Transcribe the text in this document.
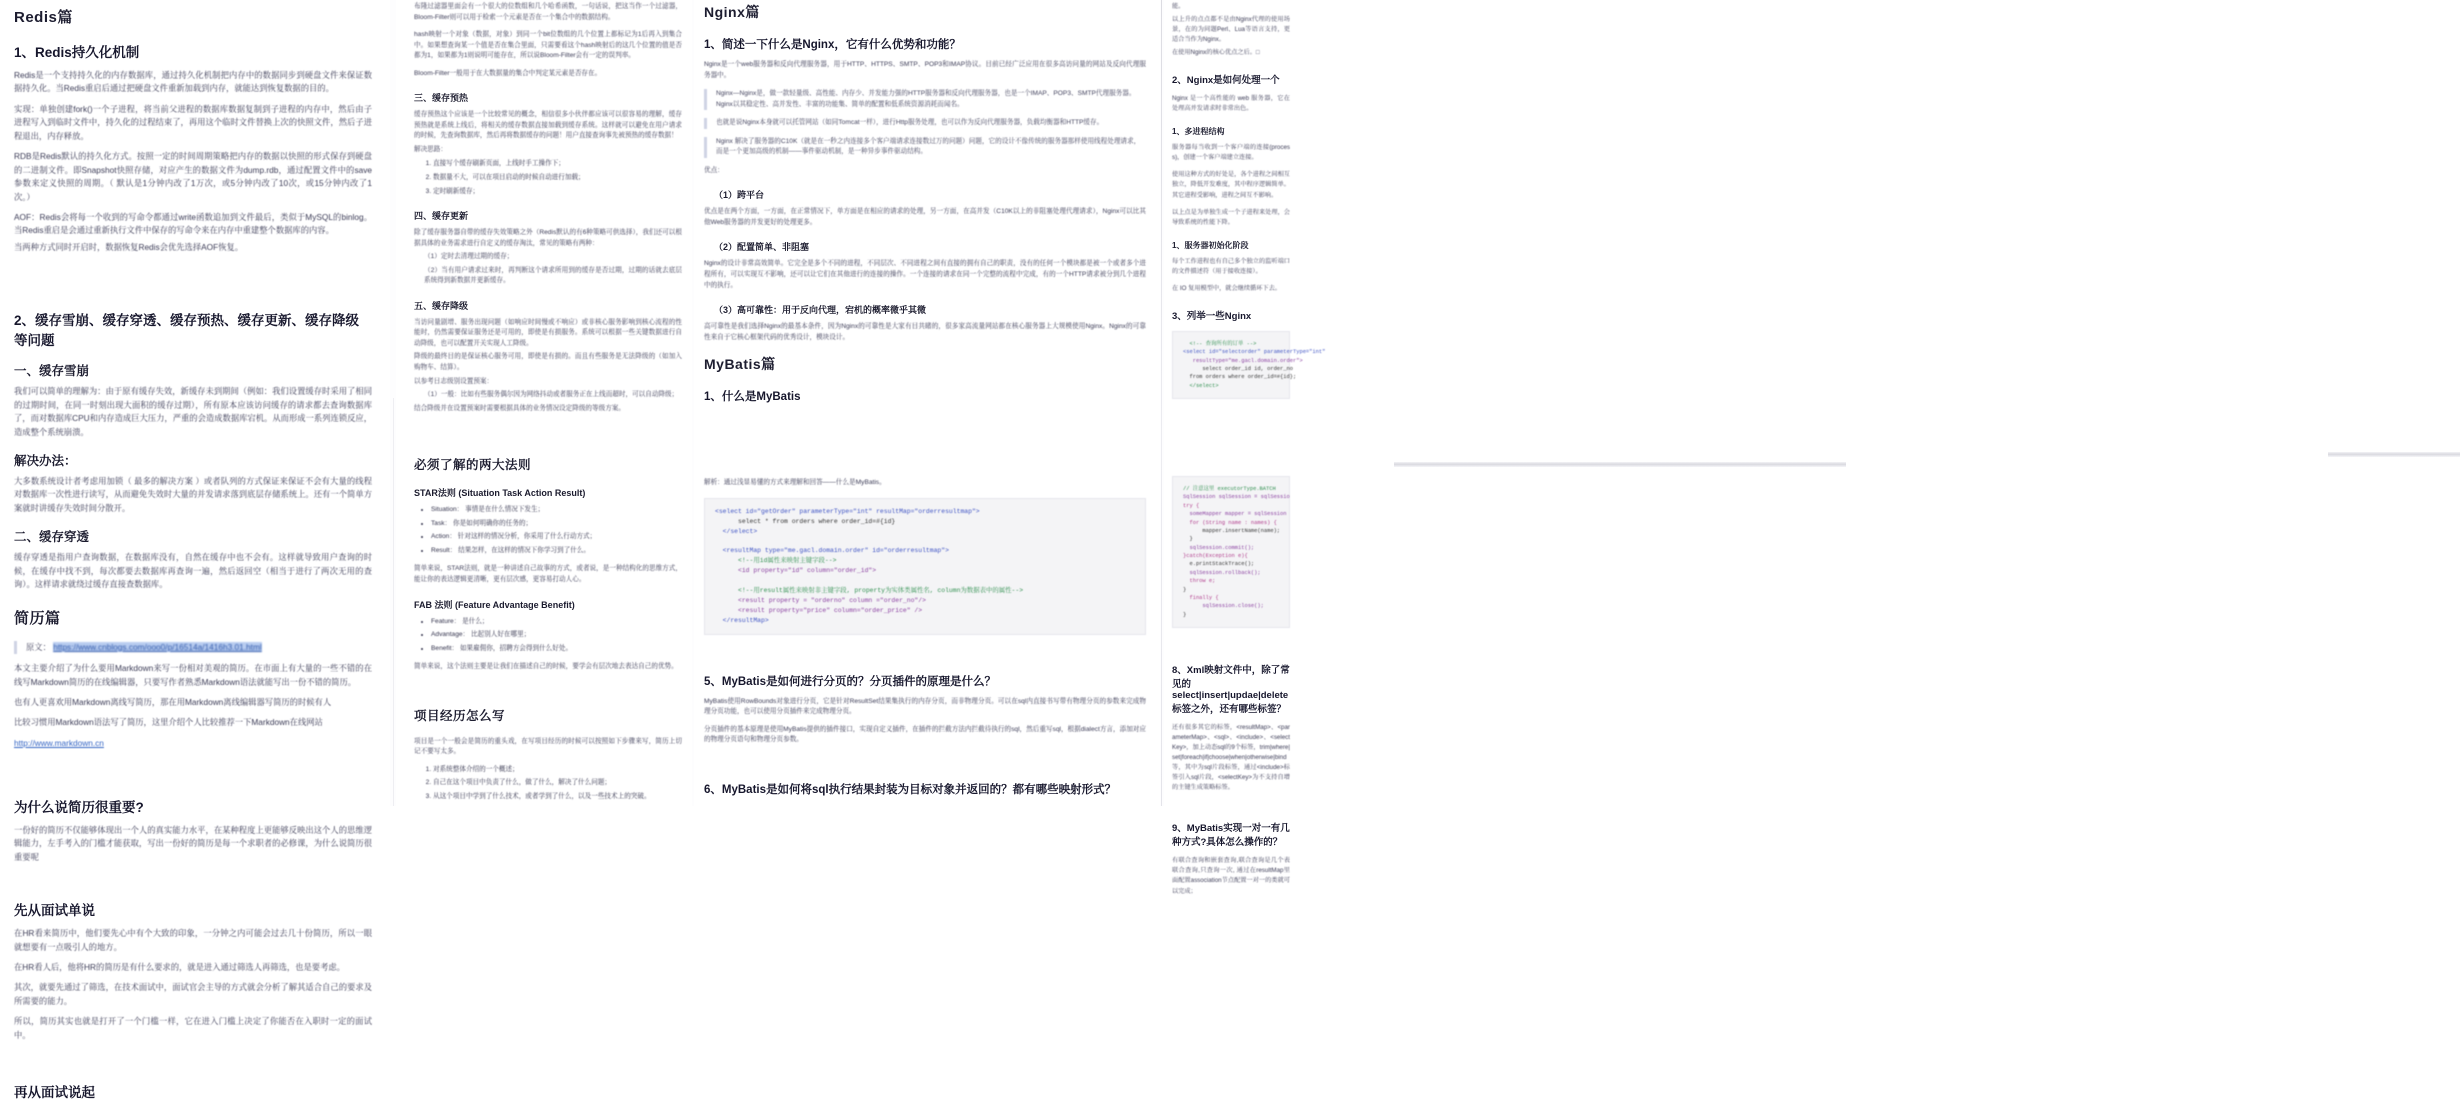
Redis篇
1、Redis持久化机制
Redis是一个支持持久化的内存数据库，通过持久化机制把内存中的数据同步到硬盘文件来保证数据持久化。当Redis重启后通过把硬盘文件重新加载到内存，就能达到恢复数据的目的。
实现：单独创建fork()一个子进程，将当前父进程的数据库数据复制到子进程的内存中，然后由子进程写入到临时文件中，持久化的过程结束了，再用这个临时文件替换上次的快照文件，然后子进程退出，内存释放。
RDB是Redis默认的持久化方式。按照一定的时间周期策略把内存的数据以快照的形式保存到硬盘的二进制文件。即Snapshot快照存储，对应产生的数据文件为dump.rdb，通过配置文件中的save参数来定义快照的周期。（ 默认是1分钟内改了1万次，或5分钟内改了10次，或15分钟内改了1次。）
AOF：Redis会将每一个收到的写命令都通过write函数追加到文件最后，类似于MySQL的binlog。当Redis重启是会通过重新执行文件中保存的写命令来在内存中重建整个数据库的内容。
当两种方式同时开启时，数据恢复Redis会优先选择AOF恢复。
2、缓存雪崩、缓存穿透、缓存预热、缓存更新、缓存降级等问题
一、缓存雪崩
我们可以简单的理解为：由于原有缓存失效，新缓存未到期间（例如：我们设置缓存时采用了相同的过期时间，在同一时刻出现大面积的缓存过期），所有原本应该访问缓存的请求都去查询数据库了，而对数据库CPU和内存造成巨大压力，严重的会造成数据库宕机。从而形成一系列连锁反应，造成整个系统崩溃。
解决办法：
大多数系统设计者考虑用加锁（ 最多的解决方案 ）或者队列的方式保证来保证不会有大量的线程对数据库一次性进行读写，从而避免失效时大量的并发请求落到底层存储系统上。还有一个简单方案就时讲缓存失效时间分散开。
二、缓存穿透
缓存穿透是指用户查询数据，在数据库没有，自然在缓存中也不会有。这样就导致用户查询的时候，在缓存中找不到，每次都要去数据库再查询一遍，然后返回空（相当于进行了两次无用的查询）。这样请求就绕过缓存直接查数据库。
简历篇
原文： https://www.cnblogs.com/ooo0/p/16514a/1416h3.01.html
本文主要介绍了为什么要用Markdown来写一份相对美观的简历。在市面上有大量的一些不错的在线写Markdown简历的在线编辑器，只要写作者熟悉Markdown语法就能写出一份不错的简历。
也有人更喜欢用Markdown离线写简历，那在用Markdown离线编辑器写简历的时候有人
比较习惯用Markdown语法写了简历，这里介绍个人比较推荐一下Markdown在线网站
http://www.markdown.cn
为什么说简历很重要?
一份好的简历不仅能够体现出一个人的真实能力水平，在某种程度上更能够反映出这个人的思维逻辑能力，左手考入的门槛才能获取，写出一份好的简历是每一个求职者的必修课，为什么说简历很重要呢
先从面试单说
在HR看来简历中，他们要先心中有个大致的印象，一分钟之内可能会过去几十份简历，所以一眼就想要有一点吸引人的地方。
在HR看人后，他将HR的简历是有什么要求的，就是进入通过筛选人再筛选，也是要考虑。
其次，就要先通过了筛选，在技术面试中，面试官会主导的方式就会分析了解其适合自己的要求及所需要的能力。
所以，简历其实也就是打开了一个门槛一样，它在进入门槛上决定了你能否在入职时一定的面试中。
再从面试说起
布隆过滤器里面会有一个很大的位数组和几个哈希函数，一句话说，把这当作一个过滤器，Bloom-Filter则可以用于检索一个元素是否在一个集合中的数据结构。
hash映射一个对象（数据，对象）到同一个bit位数组的几个位置上都标记为1后再入到集合中。如果想查询某一个值是否在集合里面，只需要看这个hash映射后的这几个位置的值是否都为1，如果都为1则说明可能存在，所以说Bloom-Filter会有一定的误判率。
Bloom-Filter一般用于在大数据量的集合中判定某元素是否存在。
三、缓存预热
缓存预热这个应该是一个比较常见的概念，相信很多小伙伴都应该可以很容易的理解，缓存预热就是系统上线后，将相关的缓存数据直接加载到缓存系统。这样就可以避免在用户请求的时候，先查询数据库，然后再将数据缓存的问题！用户直接查询事先被预热的缓存数据！
解决思路：
1. 直接写个缓存刷新页面，上线时手工操作下；
2. 数据量不大，可以在项目启动的时候自动进行加载；
3. 定时刷新缓存；
四、缓存更新
除了缓存服务器自带的缓存失效策略之外（Redis默认的有6种策略可供选择），我们还可以根据具体的业务需求进行自定义的缓存淘汰，常见的策略有两种：
（1）定时去清理过期的缓存；
（2）当有用户请求过来时，再判断这个请求所用到的缓存是否过期，过期的话就去底层系统得到新数据并更新缓存。
五、缓存降级
当访问量剧增、服务出现问题（如响应时间慢或不响应）或非核心服务影响到核心流程的性能时，仍然需要保证服务还是可用的，即使是有损服务。系统可以根据一些关键数据进行自动降级，也可以配置开关实现人工降级。
降级的最终目的是保证核心服务可用，即使是有损的。而且有些服务是无法降级的（如加入购物车、结算）。
以参考日志级别设置预案：
（1）一般：比如有些服务偶尔因为网络抖动或者服务正在上线而超时，可以自动降级；
结合降级并在设置预案时需要根据具体的业务情况设定降级的等级方案。
必须了解的两大法则
STAR法则 (Situation Task Action Result)
• Situation： 事情是在什么情况下发生；
• Task： 你是如何明确你的任务的；
• Action： 针对这样的情况分析，你采用了什么行动方式；
• Result： 结果怎样，在这样的情况下你学习到了什么。
简单来说，STAR法则，就是一种讲述自己故事的方式，或者说，是一种结构化的思维方式，能让你的表达逻辑更清晰，更有层次感，更容易打动人心。
FAB 法则 (Feature Advantage Benefit)
• Feature： 是什么；
• Advantage： 比起别人好在哪里；
• Benefit： 如果雇佣你，招聘方会得到什么好处。
简单来说，这个法则主要是让我们在描述自己的时候，要学会有层次地去表达自己的优势。
项目经历怎么写
项目是一个一般会是简历的重头戏，在写项目经历的时候可以按照如下步骤来写，简历上切记不要写太多。
1. 对系统整体介绍的一个概述；
2. 自己在这个项目中负责了什么，做了什么，解决了什么问题；
3. 从这个项目中学到了什么技术，或者学到了什么，以及一些技术上的突破。
Nginx篇
1、简述一下什么是Nginx，它有什么优势和功能？
Nginx是一个web服务器和反向代理服务器，用于HTTP、HTTPS、SMTP、POP3和IMAP协议。目前已经广泛应用在很多高访问量的网站及反向代理服务器中。
Nginx—Nginx是，做一款轻量级、高性能、内存少、并发能力强的HTTP服务器和反向代理服务器，也是一个IMAP、POP3、SMTP代理服务器。Nginx以其稳定性、高并发性、丰富的功能集、简单的配置和低系统资源消耗而闻名。
也就是说Nginx本身就可以托管网站（如同Tomcat一样），进行Http服务处理，也可以作为反向代理服务器，负载均衡器和HTTP缓存。
Nginx 解决了服务器的C10K（就是在一秒之内连接多个客户端请求连接数过万的问题）问题，它的设计不像传统的服务器那样使用线程处理请求，而是一个更加高级的机制——事件驱动机制，是一种异步事件驱动结构。
优点：
（1）跨平台
优点是在两个方面，一方面，在正常情况下，单方面是在相应的请求的处理，另一方面，在高并发（C10K以上的非阻塞处理代理请求），Nginx可以比其他Web服务器的并发更好的处理更多。
（2）配置简单、非阻塞
Nginx的设计非常高效简单。它完全是多个不同的进程，不同层次、不同进程之间有直接的拥有自己的职责，没有的任何一个模块都是被一个或者多个进程所有，可以实现互不影响，还可以让它们在其他进行的连接的操作。一个连接的请求在同一个完整的流程中完成，有的一个HTTP请求被分到几个进程中的执行。
（3）高可靠性：用于反向代理，宕机的概率微乎其微
高可靠性是我们选择Nginx的最基本条件，因为Nginx的可靠性是大家有目共睹的，很多家高流量网站都在核心服务器上大规模使用Nginx。Nginx的可靠性来自于它核心框架代码的优秀设计，模块设计。
MyBatis篇
1、什么是MyBatis
解析：通过浅显易懂的方式来理解和回答——什么是MyBatis。
<select id="getOrder" parameterType="int" resultMap="orderresultmap">
select * from orders where order_id=#{id}
</select>

<resultMap type="me.gacl.domain.order" id="orderresultmap">
<!--用id属性来映射主键字段-->
<id property="id" column="order_id">

<!--用result属性来映射非主键字段, property为实体类属性名, column为数据表中的属性-->
<result property = "orderno" column ="order_no"/>
<result property="price" column="order_price" />
</resultMap>
5、MyBatis是如何进行分页的？分页插件的原理是什么？
MyBatis使用RowBounds对象进行分页，它是针对ResultSet结果集执行的内存分页，而非物理分页。可以在sql内直接书写带有物理分页的参数来完成物理分页功能，也可以使用分页插件来完成物理分页。
分页插件的基本原理是使用MyBatis提供的插件接口，实现自定义插件，在插件的拦截方法内拦截待执行的sql，然后重写sql，根据dialect方言，添加对应的物理分页语句和物理分页参数。
6、MyBatis是如何将sql执行结果封装为目标对象并返回的？都有哪些映射形式？
能。
以上升的点点都不是由Nginx代理的使用场景，在的为问题Perl、Lua等语言支持，更适合当作为Nginx。
在使用Nginx的核心优点之后。□
2、Nginx是如何处理一个
Nginx 是一个高性能的 web 服务器，它在处理高并发请求时非常出色。
1、多进程结构
服务器每当收到一个客户端的连接(process)，创建一个客户端建立连接。
使用这种方式的好处是，各个进程之间相互独立，降低开发难度，其中程序逻辑简单。其它进程受影响，进程之间互不影响。
以上点是为单独生成一个子进程来处理，会导致系统的性能下降。
1、服务器初始化阶段
每个工作进程也有自己多个独立的监听端口的文件描述符（用于接收连接）。
在 IO 复用模型中，就会继续循环下去。
3、列举一些Nginx
<!-- 查询所有的订单 -->
<select id="selectorder" parameterType="int"
resultType="me.gacl.domain.order">
select order_id id, order_no
from orders where order_id=#{id};
</select>
// 注意这里 executorType.BATCH
SqlSession sqlSession = sqlSessio
try {
someMapper mapper = sqlSession
for (String name : names) {
mapper.insertName(name);
}
sqlSession.commit();
}catch(Exception e){
e.printStackTrace();
sqlSession.rollback();
throw e;
}
finally {
sqlSession.close();
}
8、Xml映射文件中，除了常见的select|insert|updae|delete标签之外，还有哪些标签？
还有很多其它的标签，<resultMap>、<parameterMap>、<sql>、<include>、<selectKey>，加上动态sql的9个标签，trim|where|set|foreach|if|choose|when|otherwise|bind等，其中为sql片段标签，通过<include>标签引入sql片段，<selectKey>为不支持自增的主键生成策略标签。
9、MyBatis实现一对一有几种方式?具体怎么操作的？
有联合查询和嵌套查询,联合查询是几个表联合查询,只查询一次, 通过在resultMap里面配置association节点配置一对一的类就可以完成；
